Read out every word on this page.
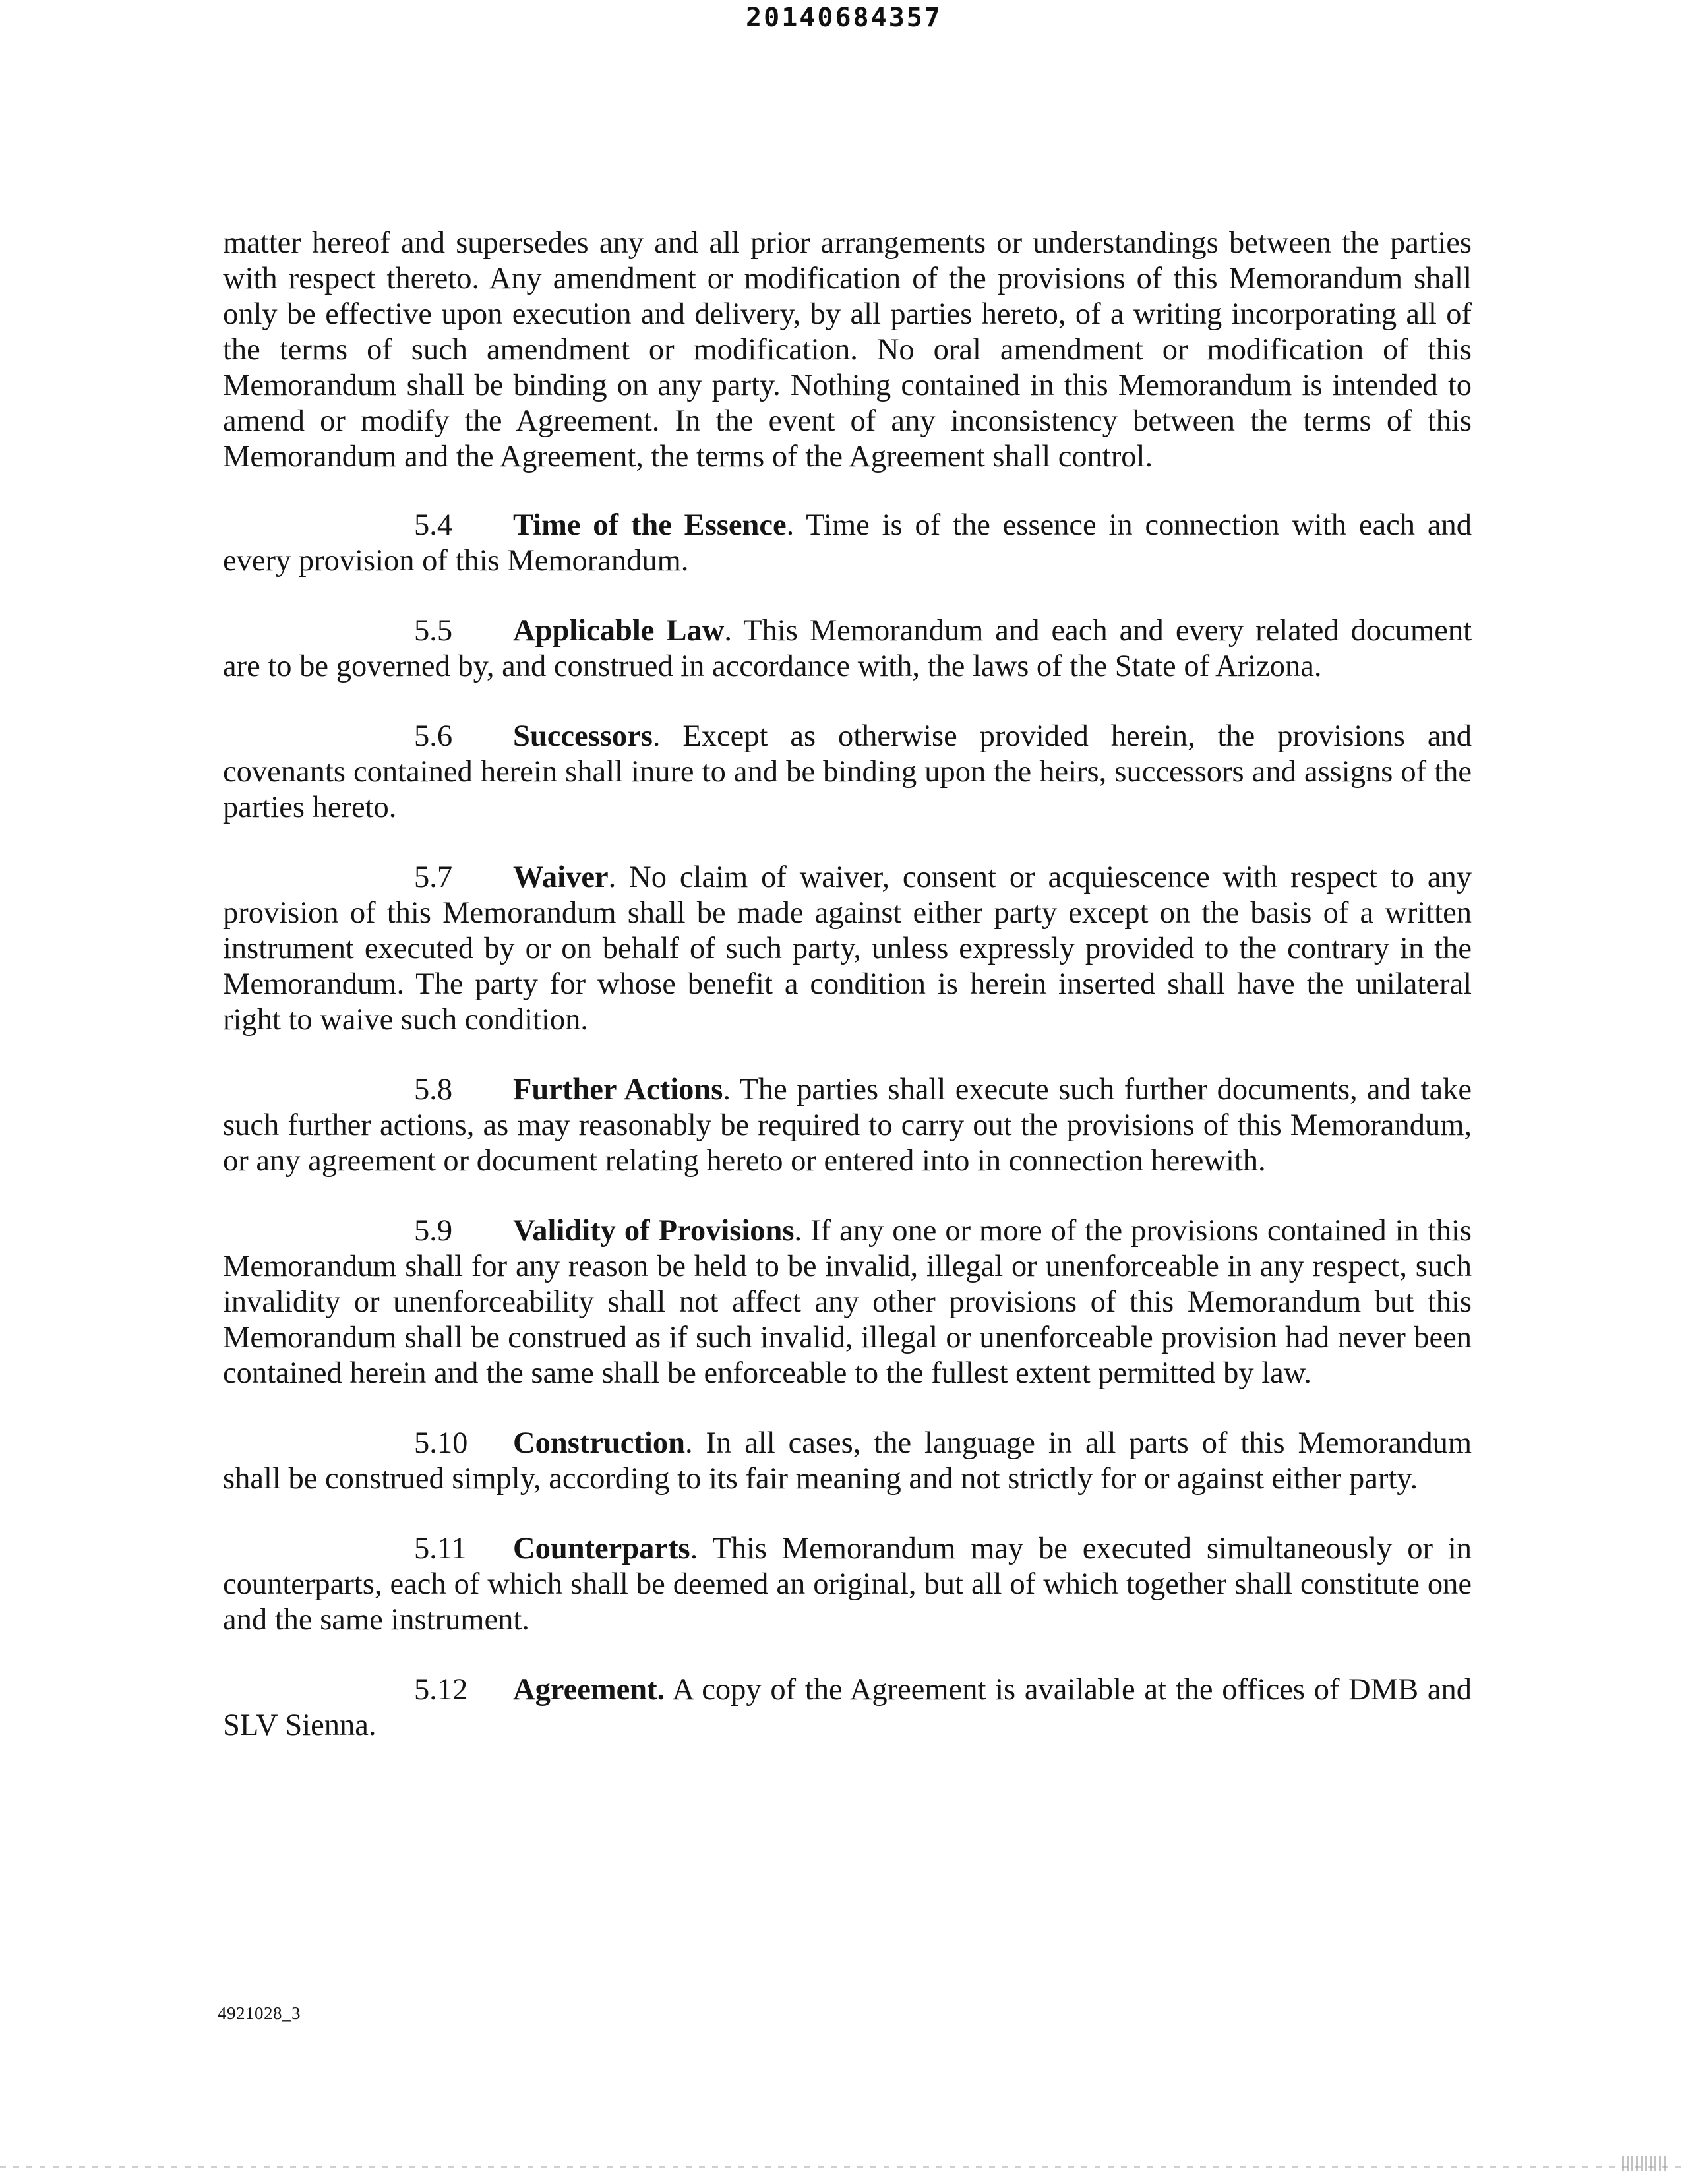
20140684357

matter hereof and supersedes any and all prior arrangements or understandings between the parties with respect thereto. Any amendment or modification of the provisions of this Memorandum shall only be effective upon execution and delivery, by all parties hereto, of a writing incorporating all of the terms of such amendment or modification. No oral amendment or modification of this Memorandum shall be binding on any party. Nothing contained in this Memorandum is intended to amend or modify the Agreement. In the event of any inconsistency between the terms of this Memorandum and the Agreement, the terms of the Agreement shall control.

5.4 Time of the Essence. Time is of the essence in connection with each and every provision of this Memorandum.

5.5 Applicable Law. This Memorandum and each and every related document are to be governed by, and construed in accordance with, the laws of the State of Arizona.

5.6 Successors. Except as otherwise provided herein, the provisions and covenants contained herein shall inure to and be binding upon the heirs, successors and assigns of the parties hereto.

5.7 Waiver. No claim of waiver, consent or acquiescence with respect to any provision of this Memorandum shall be made against either party except on the basis of a written instrument executed by or on behalf of such party, unless expressly provided to the contrary in the Memorandum. The party for whose benefit a condition is herein inserted shall have the unilateral right to waive such condition.

5.8 Further Actions. The parties shall execute such further documents, and take such further actions, as may reasonably be required to carry out the provisions of this Memorandum, or any agreement or document relating hereto or entered into in connection herewith.

5.9 Validity of Provisions. If any one or more of the provisions contained in this Memorandum shall for any reason be held to be invalid, illegal or unenforceable in any respect, such invalidity or unenforceability shall not affect any other provisions of this Memorandum but this Memorandum shall be construed as if such invalid, illegal or unenforceable provision had never been contained herein and the same shall be enforceable to the fullest extent permitted by law.

5.10 Construction. In all cases, the language in all parts of this Memorandum shall be construed simply, according to its fair meaning and not strictly for or against either party.

5.11 Counterparts. This Memorandum may be executed simultaneously or in counterparts, each of which shall be deemed an original, but all of which together shall constitute one and the same instrument.

5.12 Agreement. A copy of the Agreement is available at the offices of DMB and SLV Sienna.

4921028_3
